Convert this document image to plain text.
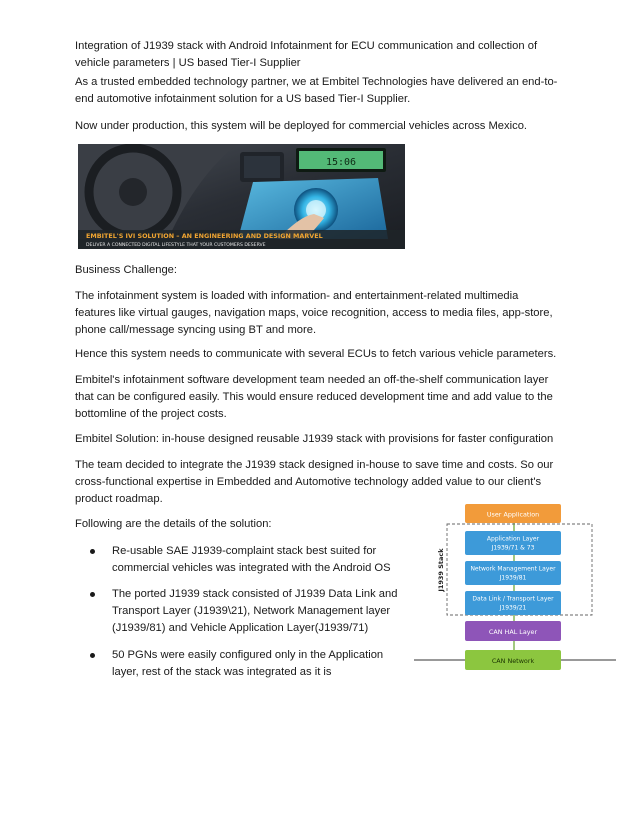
Integration of J1939 stack with Android Infotainment for ECU communication and collection of vehicle parameters | US based Tier-I Supplier

As a trusted embedded technology partner, we at Embitel Technologies have delivered an end-to-end automotive infotainment solution for a US based Tier-I Supplier.

Now under production, this system will be deployed for commercial vehicles across Mexico.

15:06
EMBITEL'S IVI SOLUTION – AN ENGINEERING AND DESIGN MARVEL
DELIVER A CONNECTED DIGITAL LIFESTYLE THAT YOUR CUSTOMERS DESERVE

Business Challenge:

The infotainment system is loaded with information- and entertainment-related multimedia features like virtual gauges, navigation maps, voice recognition, access to media files, app-store, phone call/message syncing using BT and more.

Hence this system needs to communicate with several ECUs to fetch various vehicle parameters.

Embitel's infotainment software development team needed an off-the-shelf communication layer that can be configured easily. This would ensure reduced development time and add value to the bottomline of the project costs.

Embitel Solution: in-house designed reusable J1939 stack with provisions for faster configuration

The team decided to integrate the J1939 stack designed in-house to save time and costs. So our cross-functional expertise in Embedded and Automotive technology added value to our client's product roadmap.

Following are the details of the solution:

Re-usable SAE J1939-complaint stack best suited for commercial vehicles was integrated with the Android OS
The ported J1939 stack consisted of J1939 Data Link and Transport Layer (J1939\21), Network Management layer (J1939/81) and Vehicle Application Layer(J1939/71)
50 PGNs were easily configured only in the Application layer, rest of the stack was integrated as it is
J1939 Stack
User Application
Application Layer
J1939/71 & 73
Network Management Layer
J1939/81
Data Link / Transport Layer
J1939/21
CAN HAL Layer
CAN Network
